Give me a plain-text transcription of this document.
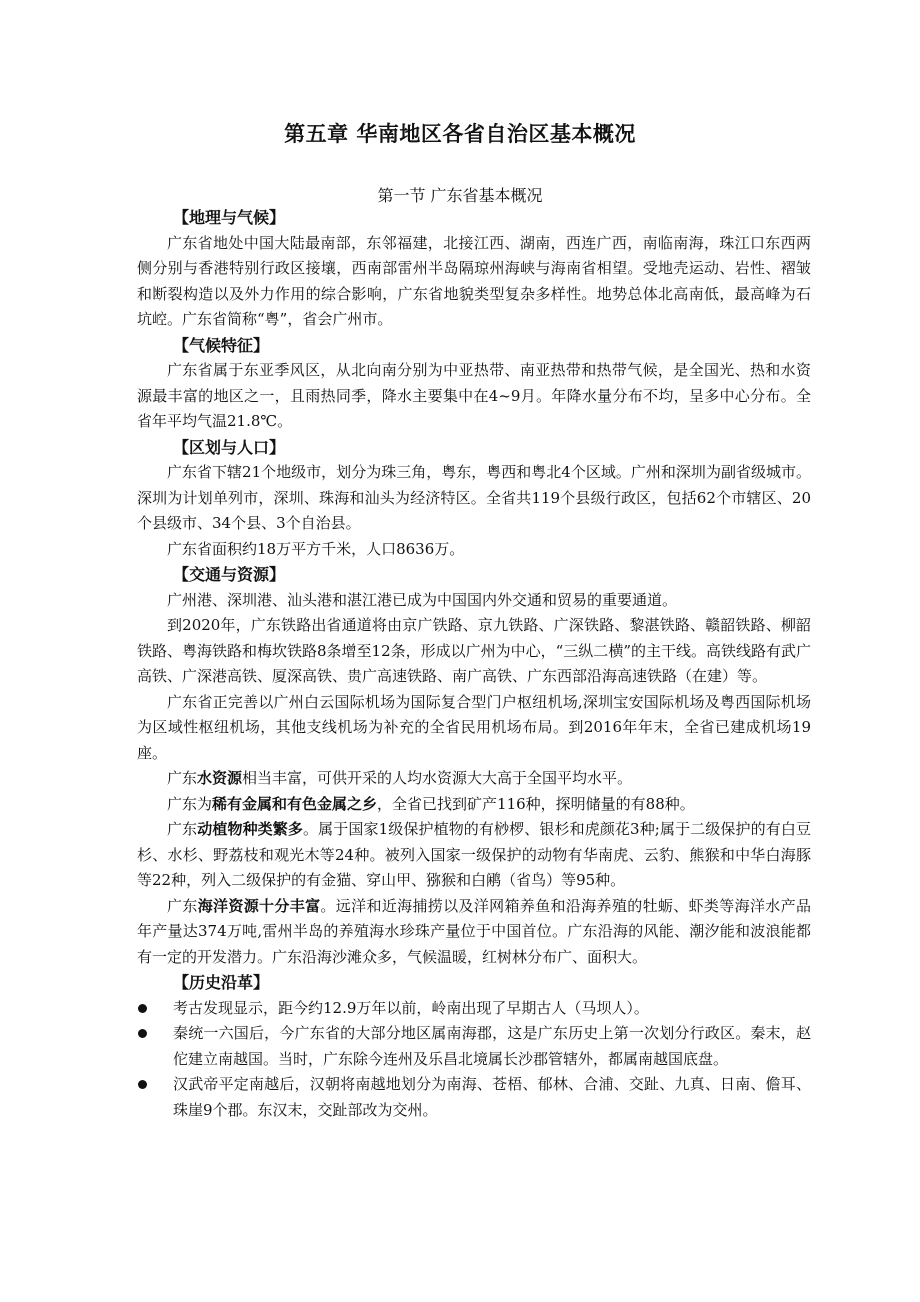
第五章 华南地区各省自治区基本概况
第一节 广东省基本概况

【地理与气候】

广东省地处中国大陆最南部，东邻福建，北接江西、湖南，西连广西，南临南海，珠江口东西两侧分别与香港特别行政区接壤，西南部雷州半岛隔琼州海峡与海南省相望。受地壳运动、岩性、褶皱和断裂构造以及外力作用的综合影响，广东省地貌类型复杂多样性。地势总体北高南低，最高峰为石坑崆。广东省简称“粤”，省会广州市。

【气候特征】

广东省属于东亚季风区，从北向南分别为中亚热带、南亚热带和热带气候，是全国光、热和水资源最丰富的地区之一，且雨热同季，降水主要集中在4~9月。年降水量分布不均，呈多中心分布。全省年平均气温21.8℃。

【区划与人口】

广东省下辖21个地级市，划分为珠三角，粤东，粤西和粤北4个区域。广州和深圳为副省级城市。深圳为计划单列市，深圳、珠海和汕头为经济特区。全省共119个县级行政区，包括62个市辖区、20个县级市、34个县、3个自治县。

广东省面积约18万平方千米，人口8636万。

【交通与资源】

广州港、深圳港、汕头港和湛江港已成为中国国内外交通和贸易的重要通道。

到2020年，广东铁路出省通道将由京广铁路、京九铁路、广深铁路、黎湛铁路、赣韶铁路、柳韶铁路、粤海铁路和梅坎铁路8条增至12条，形成以广州为中心，“三纵二横”的主干线。高铁线路有武广高铁、广深港高铁、厦深高铁、贵广高速铁路、南广高铁、广东西部沿海高速铁路（在建）等。

广东省正完善以广州白云国际机场为国际复合型门户枢纽机场,深圳宝安国际机场及粤西国际机场为区域性枢纽机场，其他支线机场为补充的全省民用机场布局。到2016年年末，全省已建成机场19座。

广东水资源相当丰富，可供开采的人均水资源大大高于全国平均水平。

广东为稀有金属和有色金属之乡，全省已找到矿产116种，探明储量的有88种。

广东动植物种类繁多。属于国家1级保护植物的有桫椤、银杉和虎颜花3种;属于二级保护的有白豆杉、水杉、野荔枝和观光木等24种。被列入国家一级保护的动物有华南虎、云豹、熊猴和中华白海豚等22种，列入二级保护的有金猫、穿山甲、猕猴和白鹇（省鸟）等95种。

广东海洋资源十分丰富。远洋和近海捕捞以及洋网箱养鱼和沿海养殖的牡蛎、虾类等海洋水产品年产量达374万吨,雷州半岛的养殖海水珍珠产量位于中国首位。广东沿海的风能、潮汐能和波浪能都有一定的开发潜力。广东沿海沙滩众多，气候温暖，红树林分布广、面积大。

【历史沿革】

考古发现显示，距今约12.9万年以前，岭南出现了早期古人（马坝人）。
秦统一六国后，今广东省的大部分地区属南海郡，这是广东历史上第一次划分行政区。秦末，赵佗建立南越国。当时，广东除今连州及乐昌北境属长沙郡管辖外，都属南越国底盘。
汉武帝平定南越后，汉朝将南越地划分为南海、苍梧、郁林、合浦、交趾、九真、日南、儋耳、珠崖9个郡。东汉末，交趾部改为交州。
